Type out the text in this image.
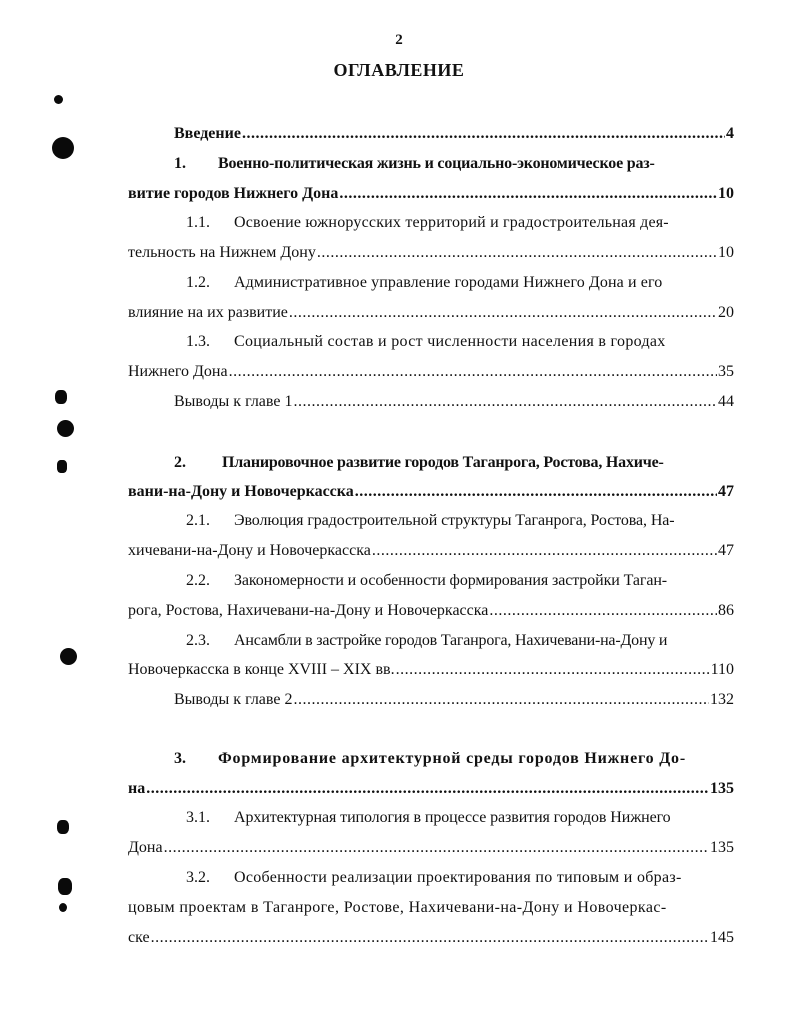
2
ОГЛАВЛЕНИЕ
Введение .....	4
1.	Военно-политическая жизнь и социально-экономическое раз-
витие городов Нижнего Дона .....	10
1.1.	Освоение южнорусских территорий и градостроительная дея-
тельность на Нижнем Дону .....	10
1.2.	Административное управление городами Нижнего Дона и его
влияние на их развитие .....	20
1.3.	Социальный состав и рост численности населения в городах
Нижнего Дона .....	35
Выводы к главе 1 .....	44
2.	Планировочное развитие городов Таганрога, Ростова, Нахиче-
вани-на-Дону и Новочеркасска .....	47
2.1.	Эволюция градостроительной структуры Таганрога, Ростова, На-
хичевани-на-Дону и Новочеркасска .....	47
2.2.	Закономерности и особенности формирования застройки Таган-
рога, Ростова, Нахичевани-на-Дону и Новочеркасска .....	86
2.3.	Ансамбли в застройке городов Таганрога, Нахичевани-на-Дону и
Новочеркасска в конце XVIII – XIX вв. .....	110
Выводы к главе 2 .....	132
3.	Формирование архитектурной среды городов Нижнего До-
на .....	135
3.1.	Архитектурная типология в процессе развития городов Нижнего
Дона .....	135
3.2.	Особенности реализации проектирования по типовым и образ-
цовым проектам в Таганроге, Ростове, Нахичевани-на-Дону и Новочеркас-
ске .....	145
